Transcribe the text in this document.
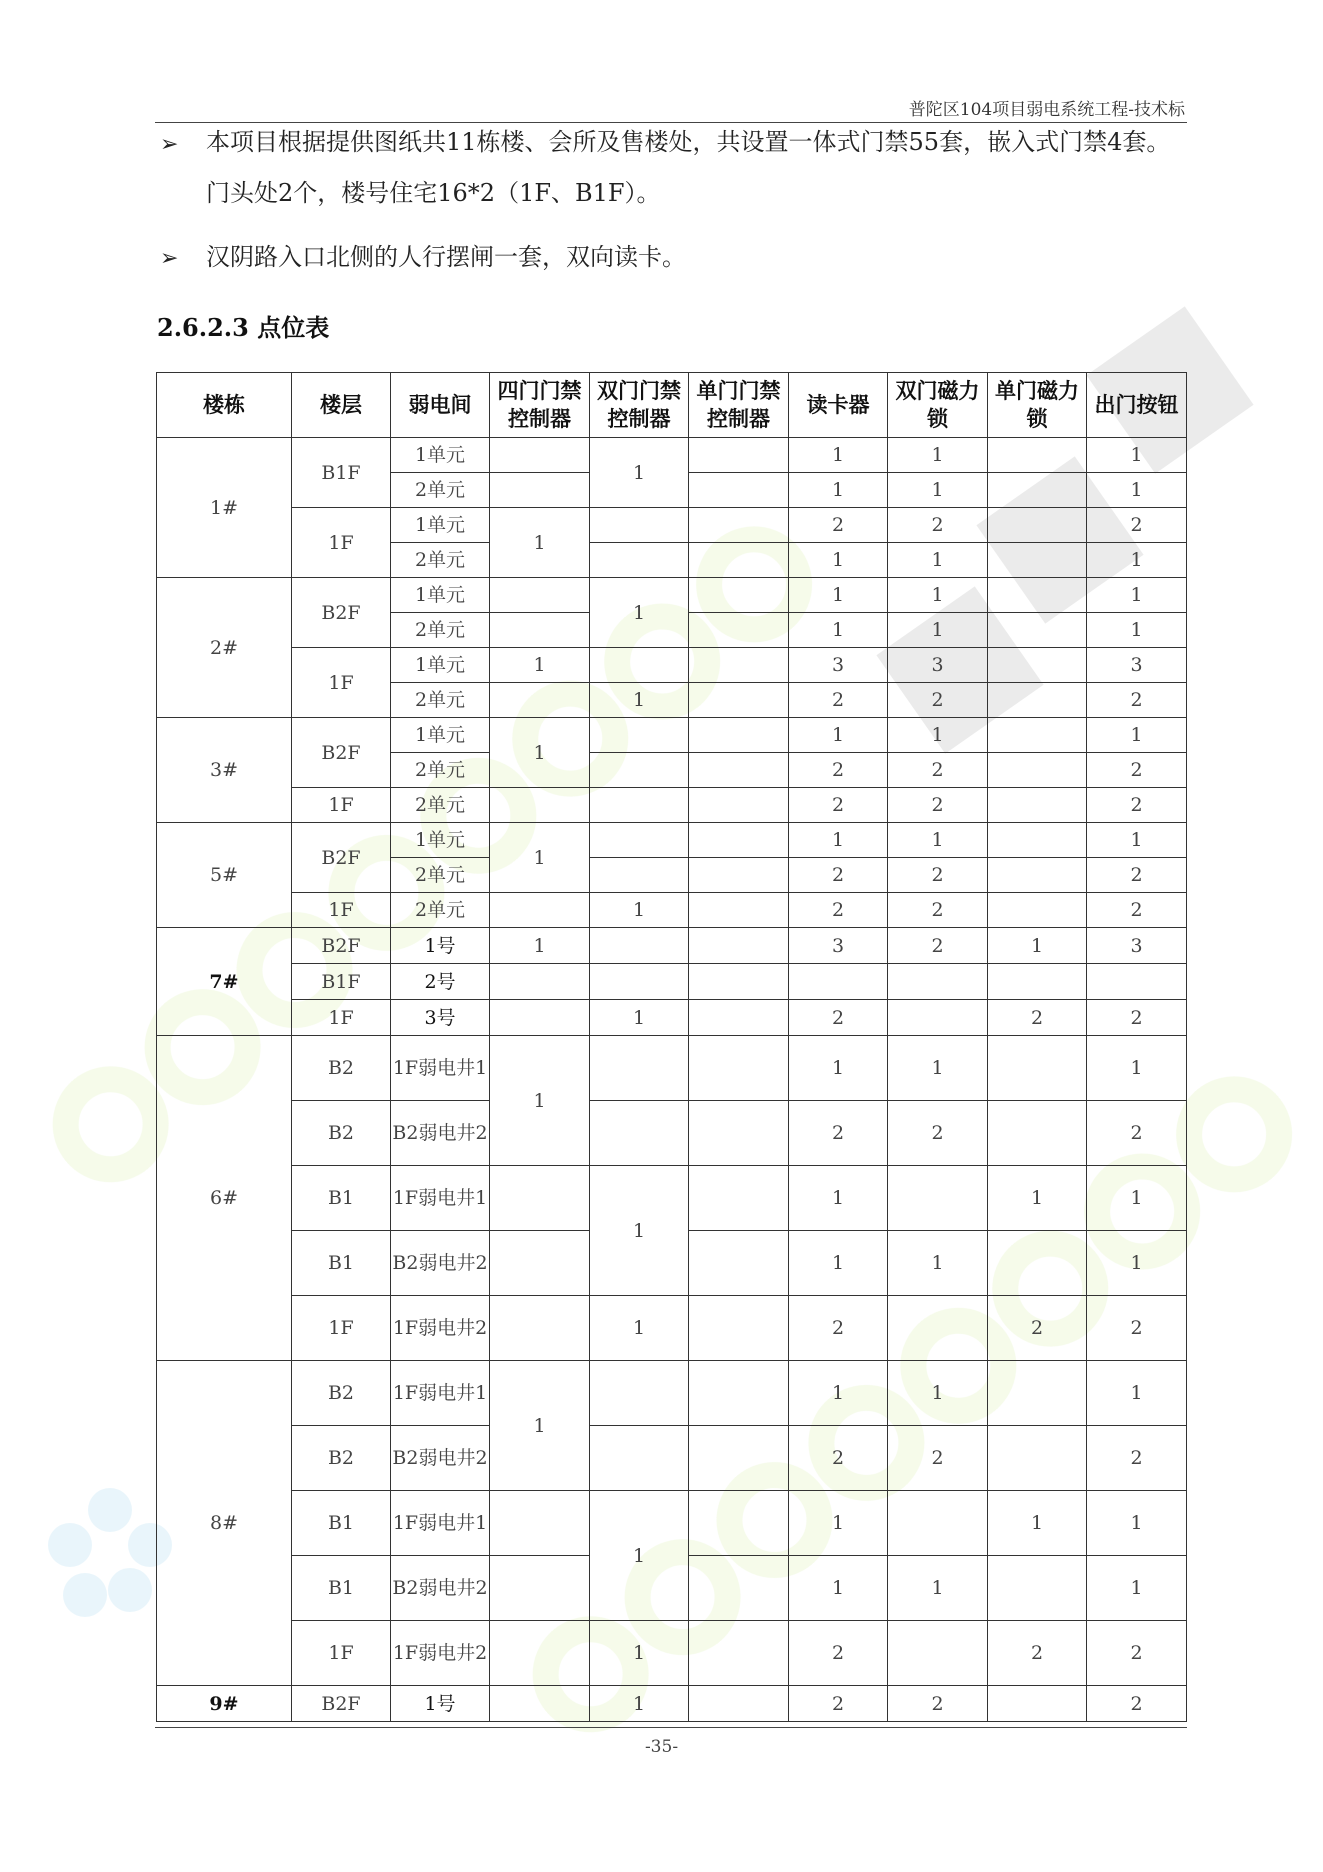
普陀区104项目弱电系统工程-技术标
➢ 本项目根据提供图纸共11栋楼、会所及售楼处，共设置一体式门禁55套，嵌入式门禁4套。门头处2个，楼号住宅16*2（1F、B1F）。
➢ 汉阴路入口北侧的人行摆闸一套，双向读卡。
2.6.2.3 点位表
楼栋	楼层	弱电间	四门门禁控制器	双门门禁控制器	单门门禁控制器	读卡器	双门磁力锁	单门磁力锁	出门按钮
1#	B1F	1单元		1		1	1		1
		2单元				1	1		1
	1F	1单元	1			2	2		2
		2单元				1	1		1
2#	B2F	1单元		1		1	1		1
		2单元				1	1		1
	1F	1单元	1			3	3		3
		2单元		1		2	2		2
3#	B2F	1单元	1			1	1		1
		2单元				2	2		2
	1F	2单元				2	2		2
5#	B2F	1单元	1			1	1		1
		2单元				2	2		2
	1F	2单元		1		2	2		2
7#	B2F	1号	1			3	2	1	3
	B1F	2号							
	1F	3号		1		2		2	2
6#	B2	1F弱电井1	1			1	1		1
	B2	B2弱电井2				2	2		2
	B1	1F弱电井1		1		1		1	1
	B1	B2弱电井2				1	1		1
	1F	1F弱电井2		1		2		2	2
8#	B2	1F弱电井1	1			1	1		1
	B2	B2弱电井2				2	2		2
	B1	1F弱电井1		1		1		1	1
	B1	B2弱电井2				1	1		1
	1F	1F弱电井2		1		2		2	2
9#	B2F	1号		1		2	2		2
-35-
